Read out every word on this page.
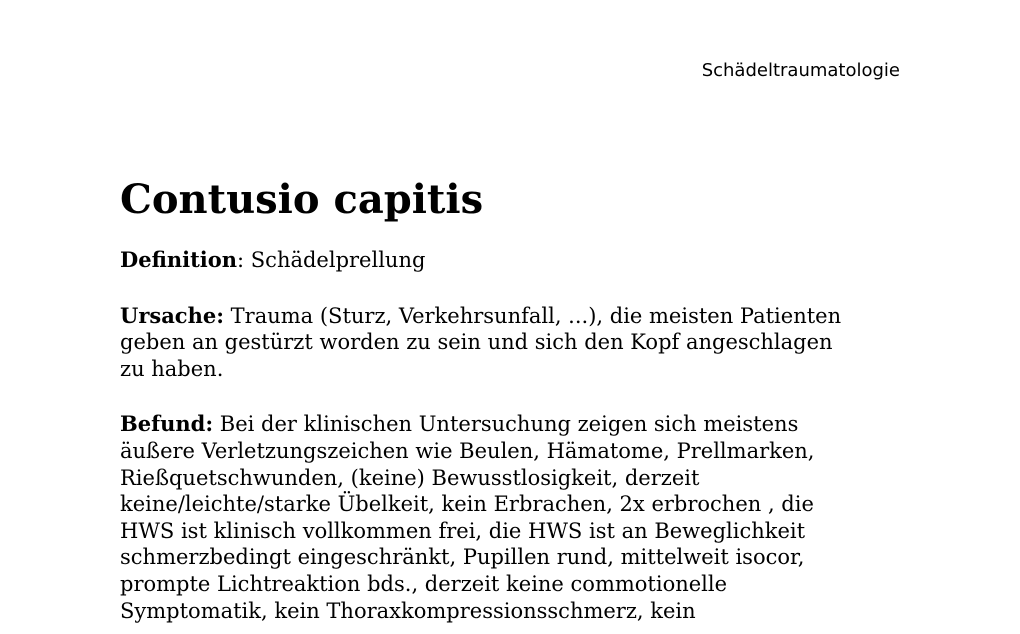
Schädeltraumatologie
Contusio capitis

Definition: Schädelprellung

Ursache: Trauma (Sturz, Verkehrsunfall, ...), die meisten Patienten
geben an gestürzt worden zu sein und sich den Kopf angeschlagen
zu haben.

Befund: Bei der klinischen Untersuchung zeigen sich meistens
äußere Verletzungszeichen wie Beulen, Hämatome, Prellmarken,
Rießquetschwunden, (keine) Bewusstlosigkeit, derzeit
keine/leichte/starke Übelkeit, kein Erbrachen, 2x erbrochen , die
HWS ist klinisch vollkommen frei, die HWS ist an Beweglichkeit
schmerzbedingt eingeschränkt, Pupillen rund, mittelweit isocor,
prompte Lichtreaktion bds., derzeit keine commotionelle
Symptomatik, kein Thoraxkompressionsschmerz, kein
